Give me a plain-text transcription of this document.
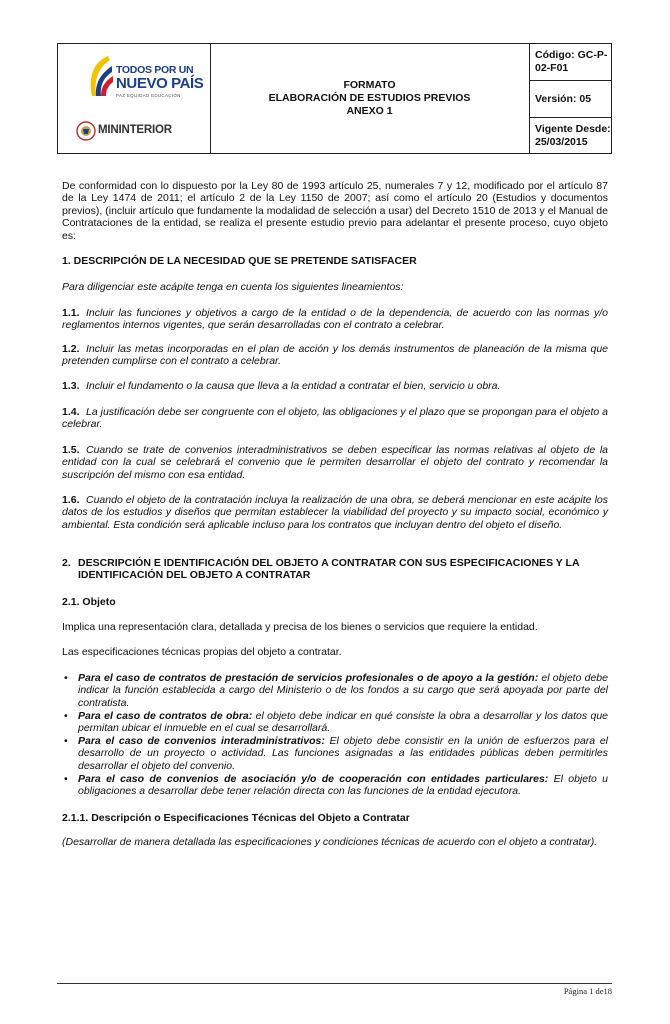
TODOS POR UN
NUEVO PAÍS
PAZ EQUIDAD EDUCACIÓN
MININTERIOR
FORMATO
ELABORACIÓN DE ESTUDIOS PREVIOS
ANEXO 1
Código: GC-P-02-F01
Versión: 05
Vigente Desde:
25/03/2015

De conformidad con lo dispuesto por la Ley 80 de 1993 artículo 25, numerales 7 y 12, modificado por el artículo 87 de la Ley 1474 de 2011; el artículo 2 de la Ley 1150 de 2007; así como el artículo 20 (Estudios y documentos previos), (incluir artículo que fundamente la modalidad de selección a usar) del Decreto 1510 de 2013 y el Manual de Contrataciones de la entidad, se realiza el presente estudio previo para adelantar el presente proceso, cuyo objeto es:

1. DESCRIPCIÓN DE LA NECESIDAD QUE SE PRETENDE SATISFACER
Para diligenciar este acápite tenga en cuenta los siguientes lineamientos:

1.1. Incluir las funciones y objetivos a cargo de la entidad o de la dependencia, de acuerdo con las normas y/o reglamentos internos vigentes, que serán desarrolladas con el contrato a celebrar.

1.2. Incluir las metas incorporadas en el plan de acción y los demás instrumentos de planeación de la misma que pretenden cumplirse con el contrato a celebrar.

1.3. Incluir el fundamento o la causa que lleva a la entidad a contratar el bien, servicio u obra.

1.4. La justificación debe ser congruente con el objeto, las obligaciones y el plazo que se propongan para el objeto a celebrar.

1.5. Cuando se trate de convenios interadministrativos se deben especificar las normas relativas al objeto de la entidad con la cual se celebrará el convenio que le permiten desarrollar el objeto del contrato y recomendar la suscripción del mismo con esa entidad.

1.6. Cuando el objeto de la contratación incluya la realización de una obra, se deberá mencionar en este acápite los datos de los estudios y diseños que permitan establecer la viabilidad del proyecto y su impacto social, económico y ambiental. Esta condición será aplicable incluso para los contratos que incluyan dentro del objeto el diseño.

2. DESCRIPCIÓN E IDENTIFICACIÓN DEL OBJETO A CONTRATAR CON SUS ESPECIFICACIONES Y LA
IDENTIFICACIÓN DEL OBJETO A CONTRATAR
2.1. Objeto
Implica una representación clara, detallada y precisa de los bienes o servicios que requiere la entidad.
Las especificaciones técnicas propias del objeto a contratar.
• Para el caso de contratos de prestación de servicios profesionales o de apoyo a la gestión: el objeto debe indicar la función establecida a cargo del Ministerio o de los fondos a su cargo que será apoyada por parte del contratista.

• Para el caso de contratos de obra: el objeto debe indicar en qué consiste la obra a desarrollar y los datos que permitan ubicar el inmueble en el cual se desarrollará.

• Para el caso de convenios interadministrativos: El objeto debe consistir en la unión de esfuerzos para el desarrollo de un proyecto o actividad. Las funciones asignadas a las entidades públicas deben permitirles desarrollar el objeto del convenio.

• Para el caso de convenios de asociación y/o de cooperación con entidades particulares: El objeto u obligaciones a desarrollar debe tener relación directa con las funciones de la entidad ejecutora.

2.1.1. Descripción o Especificaciones Técnicas del Objeto a Contratar

(Desarrollar de manera detallada las especificaciones y condiciones técnicas de acuerdo con el objeto a contratar).

Página 1 de18
